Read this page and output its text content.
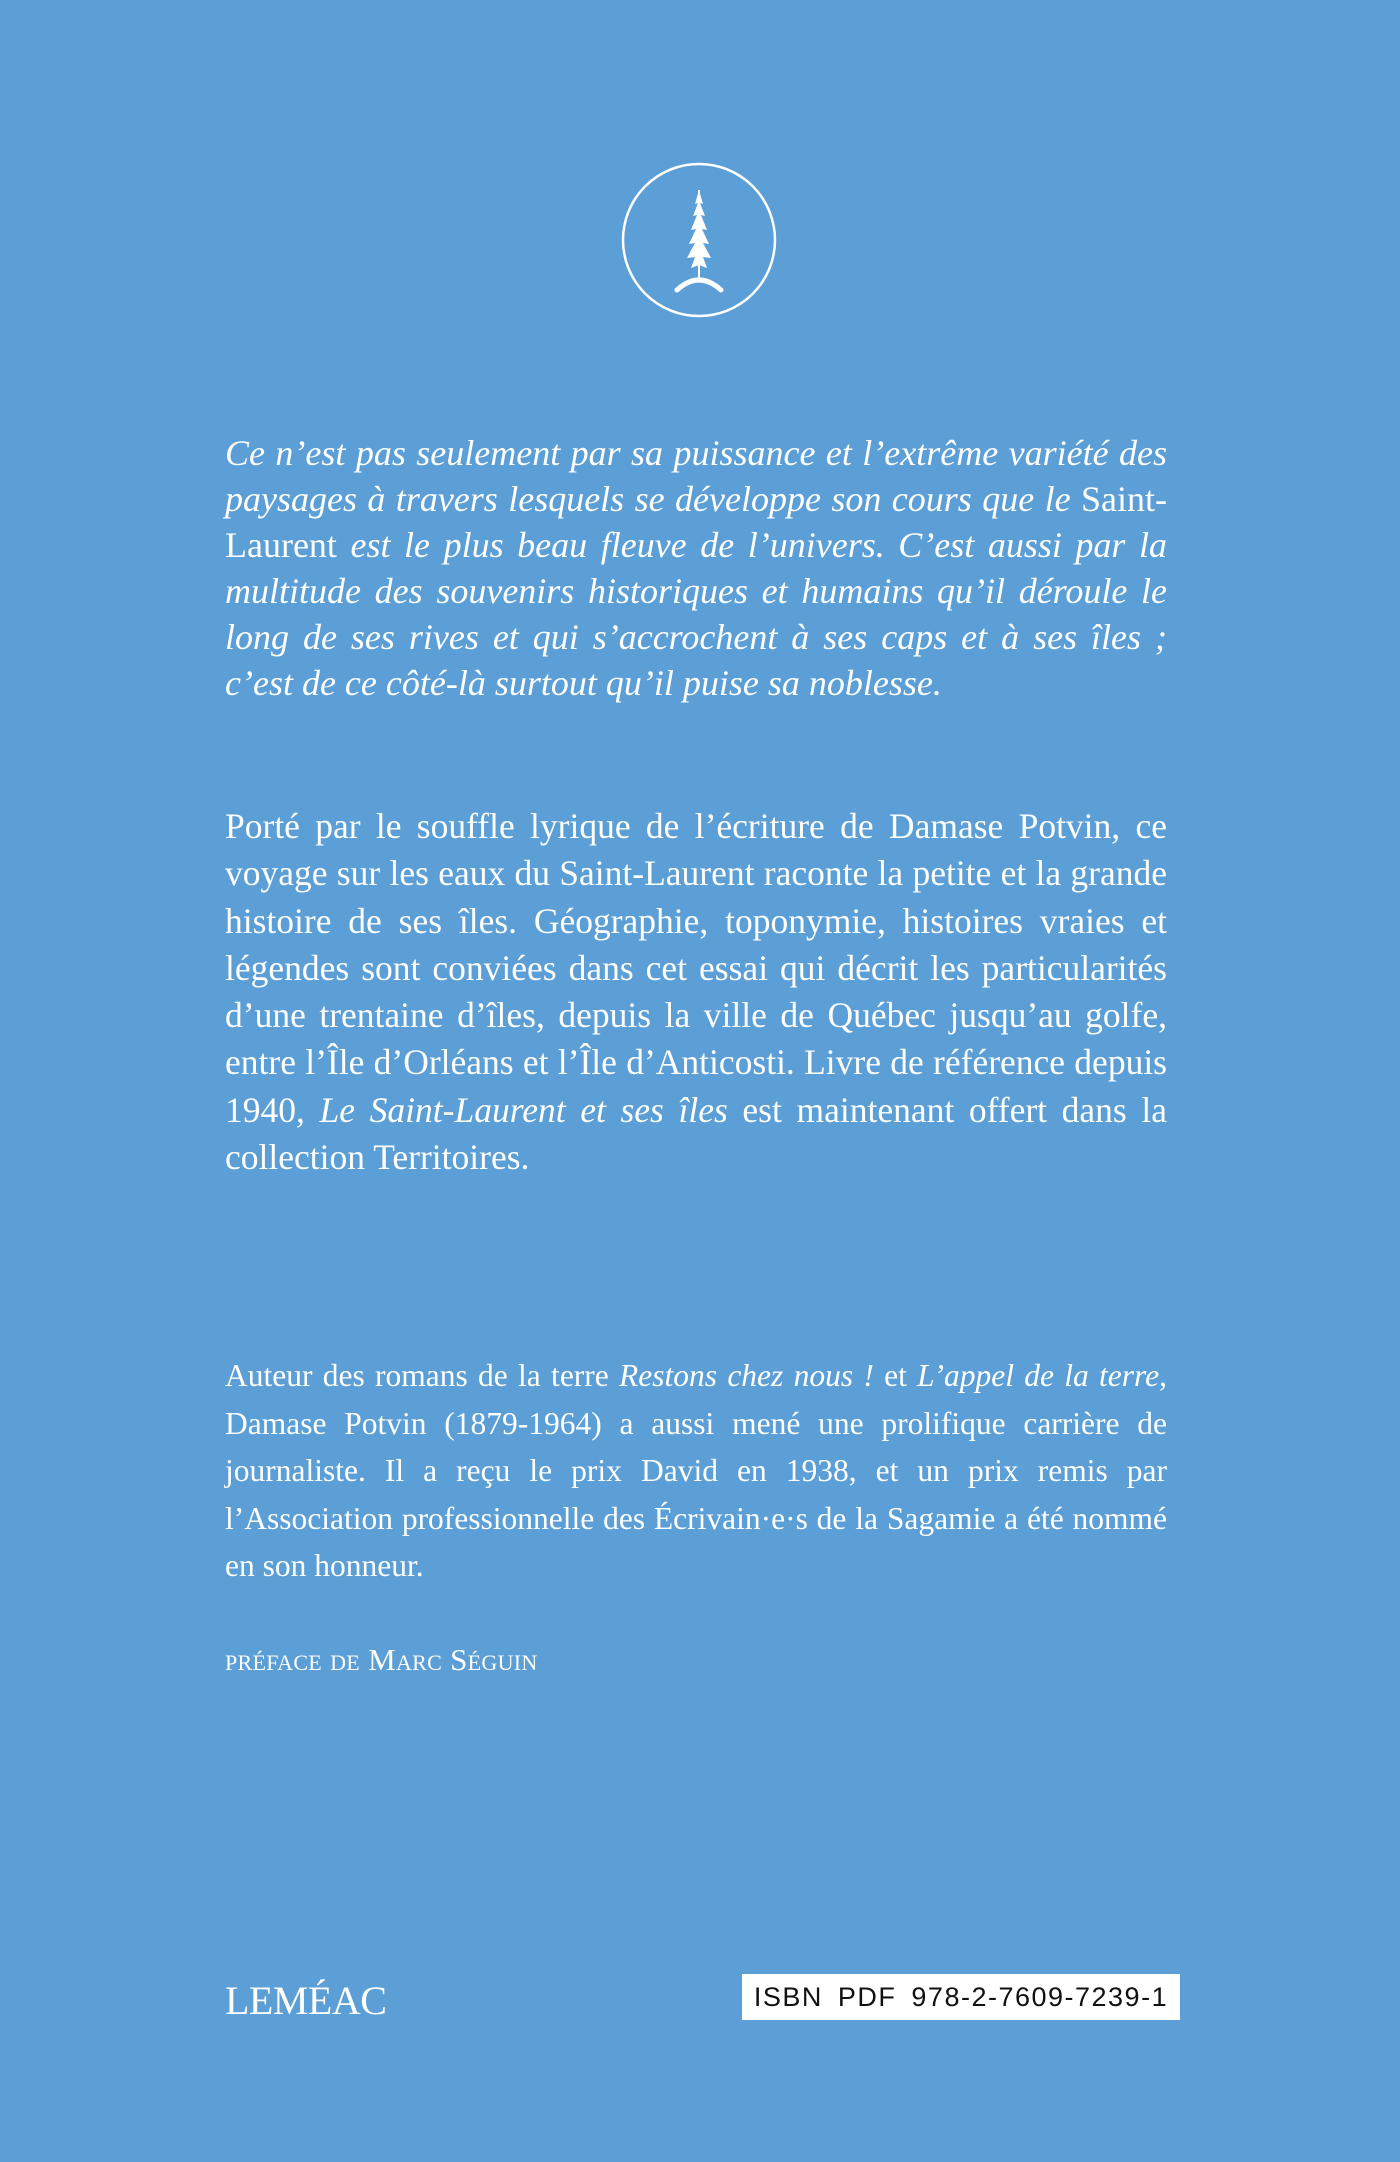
Ce n’est pas seulement par sa puissance et l’extrême variété des paysages à travers lesquels se développe son cours que le Saint-Laurent est le plus beau fleuve de l’univers. C’est aussi par la multitude des souvenirs historiques et humains qu’il déroule le long de ses rives et qui s’accrochent à ses caps et à ses îles ; c’est de ce côté-là surtout qu’il puise sa noblesse.

Porté par le souffle lyrique de l’écriture de Damase Potvin, ce voyage sur les eaux du Saint-Laurent raconte la petite et la grande histoire de ses îles. Géographie, toponymie, histoires vraies et légendes sont conviées dans cet essai qui décrit les particularités d’une trentaine d’îles, depuis la ville de Québec jusqu’au golfe, entre l’Île d’Orléans et l’Île d’Anticosti. Livre de référence depuis 1940, Le Saint-Laurent et ses îles est maintenant offert dans la collection Territoires.

Auteur des romans de la terre Restons chez nous ! et L’appel de la terre, Damase Potvin (1879-1964) a aussi mené une prolifique carrière de journaliste. Il a reçu le prix David en 1938, et un prix remis par l’Association professionnelle des Écrivain·e·s de la Sagamie a été nommé en son honneur.

préface de Marc Séguin
LEMÉAC	ISBN PDF 978-2-7609-7239-1
